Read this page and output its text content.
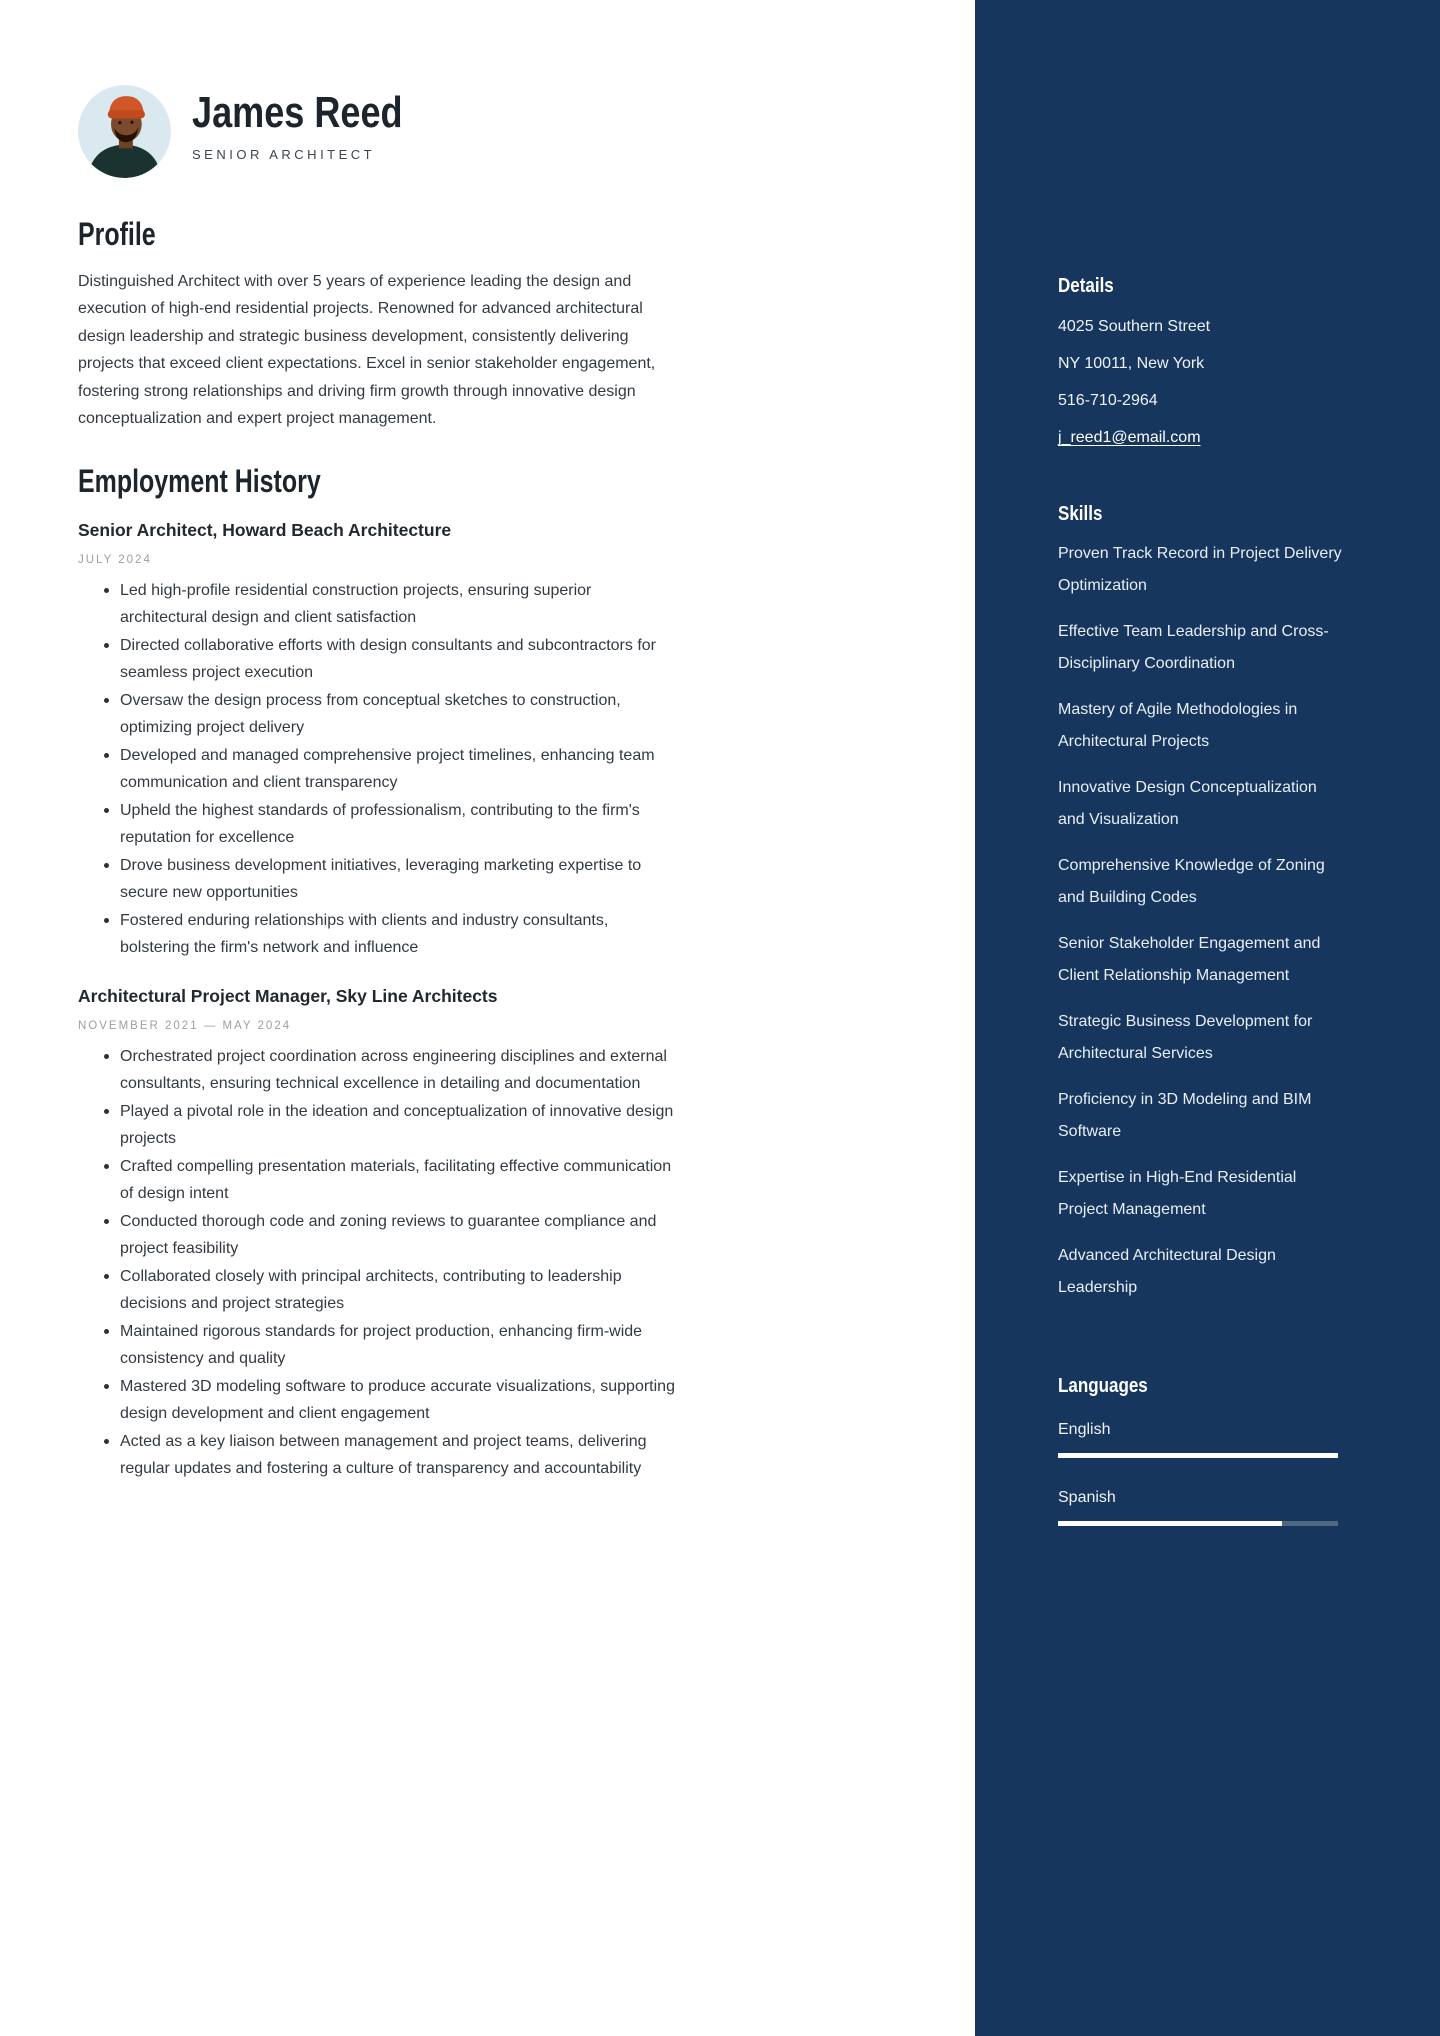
James Reed
SENIOR ARCHITECT
Profile

Distinguished Architect with over 5 years of experience leading the design and execution of high-end residential projects. Renowned for advanced architectural design leadership and strategic business development, consistently delivering projects that exceed client expectations. Excel in senior stakeholder engagement, fostering strong relationships and driving firm growth through innovative design conceptualization and expert project management.

Employment History
Senior Architect, Howard Beach Architecture
JULY 2024
Led high-profile residential construction projects, ensuring superior architectural design and client satisfaction
Directed collaborative efforts with design consultants and subcontractors for seamless project execution
Oversaw the design process from conceptual sketches to construction, optimizing project delivery
Developed and managed comprehensive project timelines, enhancing team communication and client transparency
Upheld the highest standards of professionalism, contributing to the firm's reputation for excellence
Drove business development initiatives, leveraging marketing expertise to secure new opportunities
Fostered enduring relationships with clients and industry consultants, bolstering the firm's network and influence
Architectural Project Manager, Sky Line Architects
NOVEMBER 2021 — MAY 2024
Orchestrated project coordination across engineering disciplines and external consultants, ensuring technical excellence in detailing and documentation
Played a pivotal role in the ideation and conceptualization of innovative design projects
Crafted compelling presentation materials, facilitating effective communication of design intent
Conducted thorough code and zoning reviews to guarantee compliance and project feasibility
Collaborated closely with principal architects, contributing to leadership decisions and project strategies
Maintained rigorous standards for project production, enhancing firm-wide consistency and quality
Mastered 3D modeling software to produce accurate visualizations, supporting design development and client engagement
Acted as a key liaison between management and project teams, delivering regular updates and fostering a culture of transparency and accountability
Details
4025 Southern Street
NY 10011, New York
516-710-2964
j_reed1@email.com
Skills
Proven Track Record in Project Delivery Optimization
Effective Team Leadership and Cross-Disciplinary Coordination
Mastery of Agile Methodologies in Architectural Projects
Innovative Design Conceptualization and Visualization
Comprehensive Knowledge of Zoning and Building Codes
Senior Stakeholder Engagement and Client Relationship Management
Strategic Business Development for Architectural Services
Proficiency in 3D Modeling and BIM Software
Expertise in High-End Residential Project Management
Advanced Architectural Design Leadership
Languages
English
Spanish
